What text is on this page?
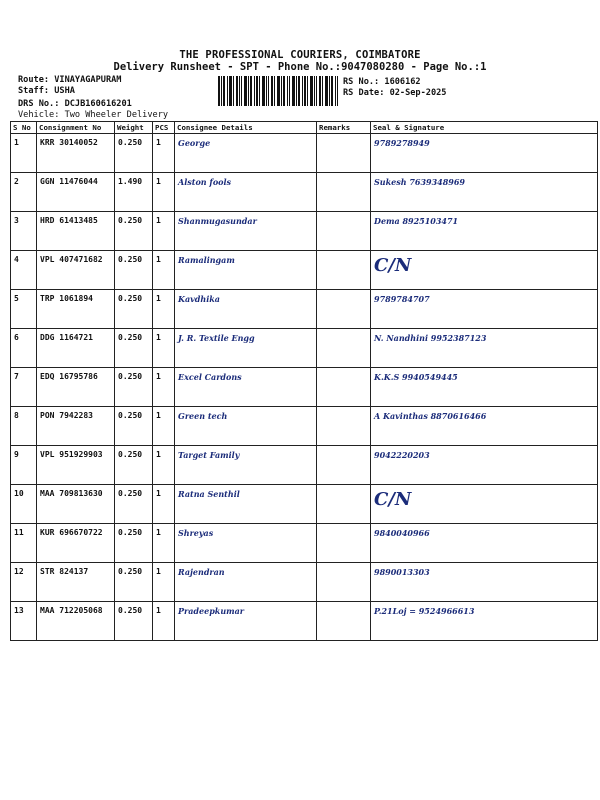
THE PROFESSIONAL COURIERS, COIMBATORE
Delivery Runsheet - SPT - Phone No.:9047080280 - Page No.:1
Route: VINAYAGAPURAM
Staff: USHA
DRS No.: DCJB160616201
Vehicle: Two Wheeler Delivery
RS No.: 1606162
RS Date: 02-Sep-2025
S No	Consignment No	Weight	PCS	Consignee Details	Remarks	Seal & Signature
1	KRR 30140052	0.250	1	George		9789278949
2	GGN 11476044	1.490	1	Alston fools		Sukesh 7639348969
3	HRD 61413485	0.250	1	Shanmugasundar		Dema 8925103471
4	VPL 407471682	0.250	1	Ramalingam		C/N
5	TRP 1061894	0.250	1	Kavdhika		9789784707
6	DDG 1164721	0.250	1	J. R. Textile Engg		N. Nandhini 9952387123
7	EDQ 16795786	0.250	1	Excel Cardons		K.K.S 9940549445
8	PON 7942283	0.250	1	Green tech		A Kavinthas 8870616466
9	VPL 951929903	0.250	1	Target Family		9042220203
10	MAA 709813630	0.250	1	Ratna Senthil		C/N
11	KUR 696670722	0.250	1	Shreyas		9840040966
12	STR 824137	0.250	1	Rajendran		9890013303
13	MAA 712205068	0.250	1	Pradeepkumar		P.21Loj = 9524966613
